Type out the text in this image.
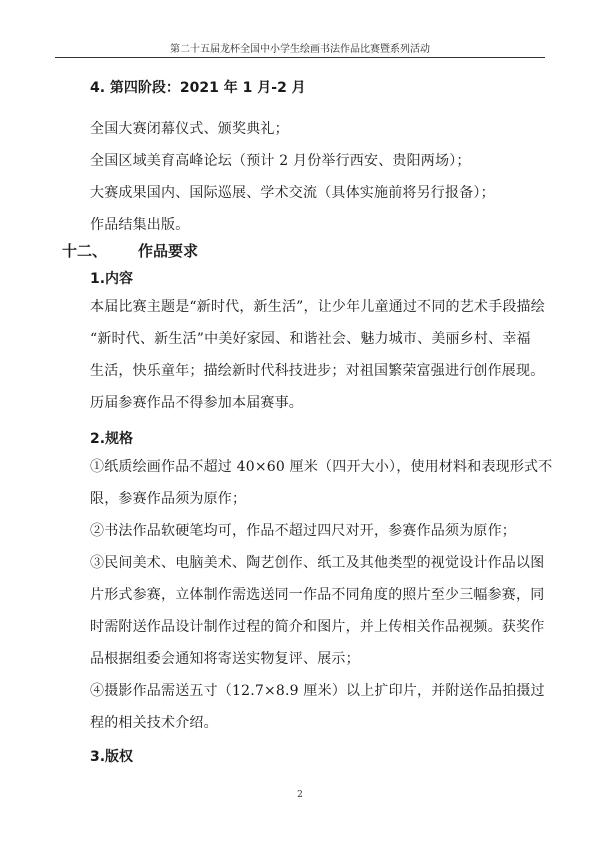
第二十五届龙杯全国中小学生绘画书法作品比赛暨系列活动
4. 第四阶段：2021 年 1 月-2 月

全国大赛闭幕仪式、颁奖典礼；

全国区域美育高峰论坛（预计 2 月份举行西安、贵阳两场）；

大赛成果国内、国际巡展、学术交流（具体实施前将另行报备）；

作品结集出版。

十二、 作品要求
1.内容

本届比赛主题是“新时代，新生活”，让少年儿童通过不同的艺术手段描绘

“新时代、新生活”中美好家园、和谐社会、魅力城市、美丽乡村、幸福

生活，快乐童年；描绘新时代科技进步；对祖国繁荣富强进行创作展现。

历届参赛作品不得参加本届赛事。

2.规格

①纸质绘画作品不超过 40×60 厘米（四开大小），使用材料和表现形式不

限，参赛作品须为原作；

②书法作品软硬笔均可，作品不超过四尺对开，参赛作品须为原作；

③民间美术、电脑美术、陶艺创作、纸工及其他类型的视觉设计作品以图

片形式参赛，立体制作需选送同一作品不同角度的照片至少三幅参赛，同

时需附送作品设计制作过程的简介和图片，并上传相关作品视频。获奖作

品根据组委会通知将寄送实物复评、展示；

④摄影作品需送五寸（12.7×8.9 厘米）以上扩印片，并附送作品拍摄过

程的相关技术介绍。

3.版权
2
